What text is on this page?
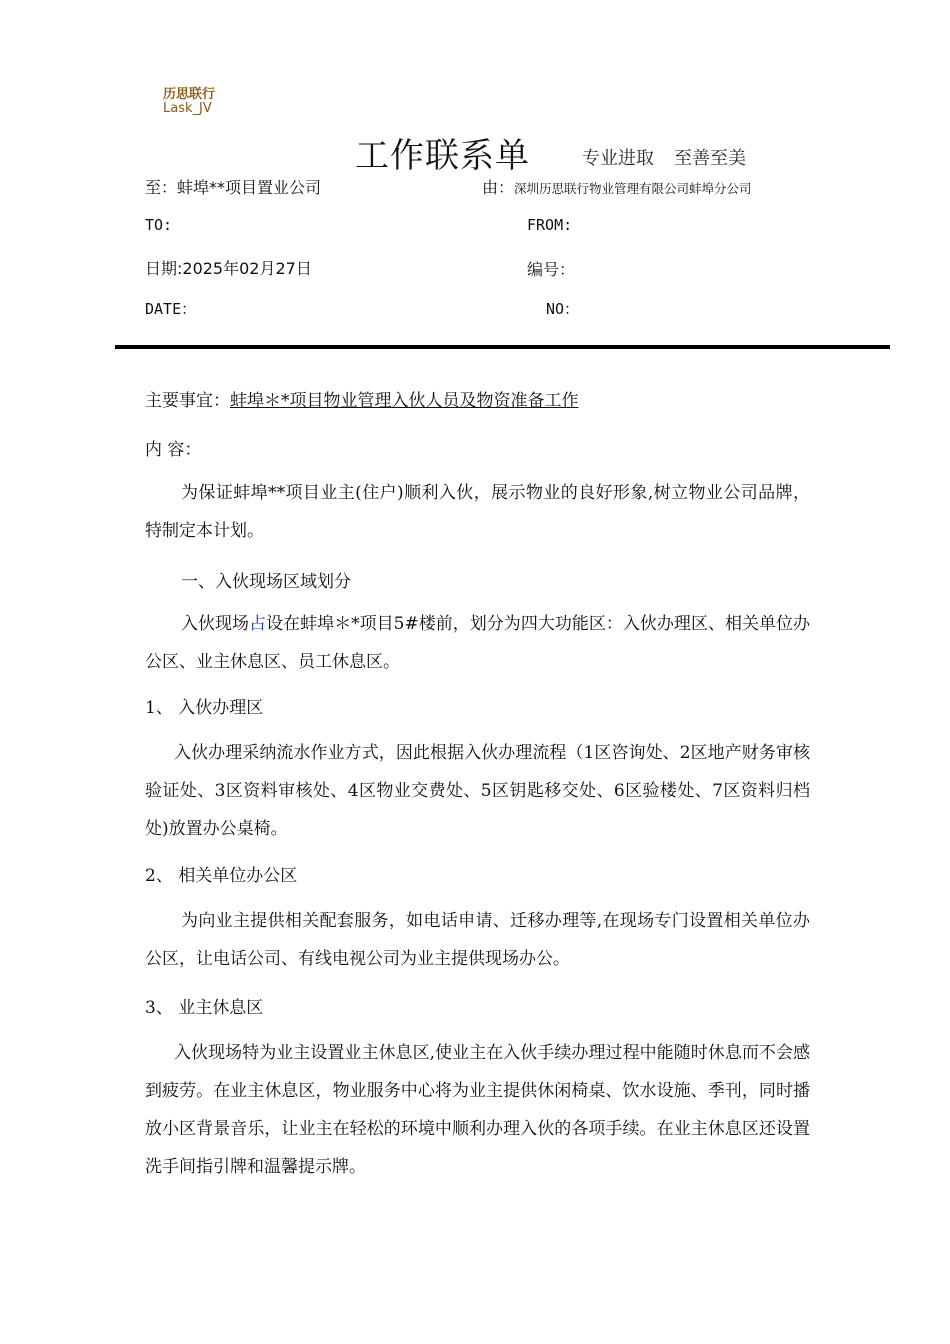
历思联行
Lask_JV
工作联系单	专业进取 至善至美
至：蚌埠**项目置业公司	由：深圳历思联行物业管理有限公司蚌埠分公司
TO:	FROM:
日期:2025年02月27日	编号：
DATE：	NO：
主要事宜：蚌埠＊*项目物业管理入伙人员及物资准备工作
内 容：
为保证蚌埠**项目业主(住户)顺利入伙，展示物业的良好形象,树立物业公司品牌，特制定本计划。
一、入伙现场区域划分
入伙现场占设在蚌埠＊*项目5#楼前，划分为四大功能区：入伙办理区、相关单位办公区、业主休息区、员工休息区。
1、 入伙办理区
入伙办理采纳流水作业方式，因此根据入伙办理流程（1区咨询处、2区地产财务审核验证处、3区资料审核处、4区物业交费处、5区钥匙移交处、6区验楼处、7区资料归档处)放置办公桌椅。
2、 相关单位办公区
为向业主提供相关配套服务，如电话申请、迁移办理等,在现场专门设置相关单位办公区，让电话公司、有线电视公司为业主提供现场办公。
3、 业主休息区
入伙现场特为业主设置业主休息区,使业主在入伙手续办理过程中能随时休息而不会感到疲劳。在业主休息区，物业服务中心将为业主提供休闲椅桌、饮水设施、季刊，同时播放小区背景音乐，让业主在轻松的环境中顺利办理入伙的各项手续。在业主休息区还设置洗手间指引牌和温馨提示牌。
